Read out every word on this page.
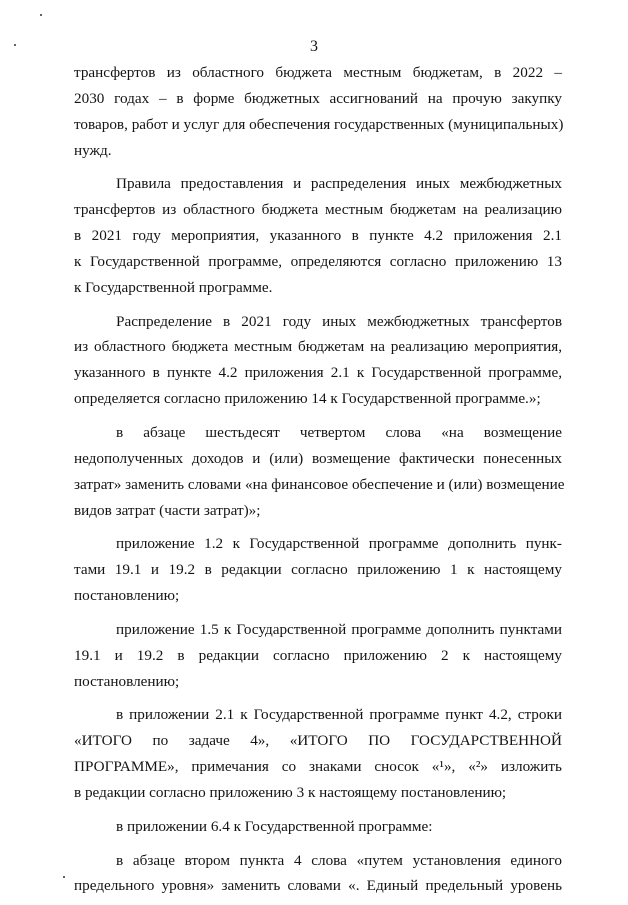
3

трансфертов из областного бюджета местным бюджетам, в 2022 –
2030 годах – в форме бюджетных ассигнований на прочую закупку
товаров, работ и услуг для обеспечения государственных (муниципальных)
нужд.

Правила предоставления и распределения иных межбюджетных
трансфертов из областного бюджета местным бюджетам на реализацию
в 2021 году мероприятия, указанного в пункте 4.2 приложения 2.1
к Государственной программе, определяются согласно приложению 13
к Государственной программе.

Распределение в 2021 году иных межбюджетных трансфертов
из областного бюджета местным бюджетам на реализацию мероприятия,
указанного в пункте 4.2 приложения 2.1 к Государственной программе,
определяется согласно приложению 14 к Государственной программе.»;

в абзаце шестьдесят четвертом слова «на возмещение
недополученных доходов и (или) возмещение фактически понесенных
затрат» заменить словами «на финансовое обеспечение и (или) возмещение
видов затрат (части затрат)»;

приложение 1.2 к Государственной программе дополнить пунк-
тами 19.1 и 19.2 в редакции согласно приложению 1 к настоящему
постановлению;

приложение 1.5 к Государственной программе дополнить пунктами
19.1 и 19.2 в редакции согласно приложению 2 к настоящему
постановлению;

в приложении 2.1 к Государственной программе пункт 4.2, строки
«ИТОГО по задаче 4», «ИТОГО ПО ГОСУДАРСТВЕННОЙ
ПРОГРАММЕ», примечания со знаками сносок «¹», «²» изложить
в редакции согласно приложению 3 к настоящему постановлению;

в приложении 6.4 к Государственной программе:

в абзаце втором пункта 4 слова «путем установления единого
предельного уровня» заменить словами «. Единый предельный уровень
